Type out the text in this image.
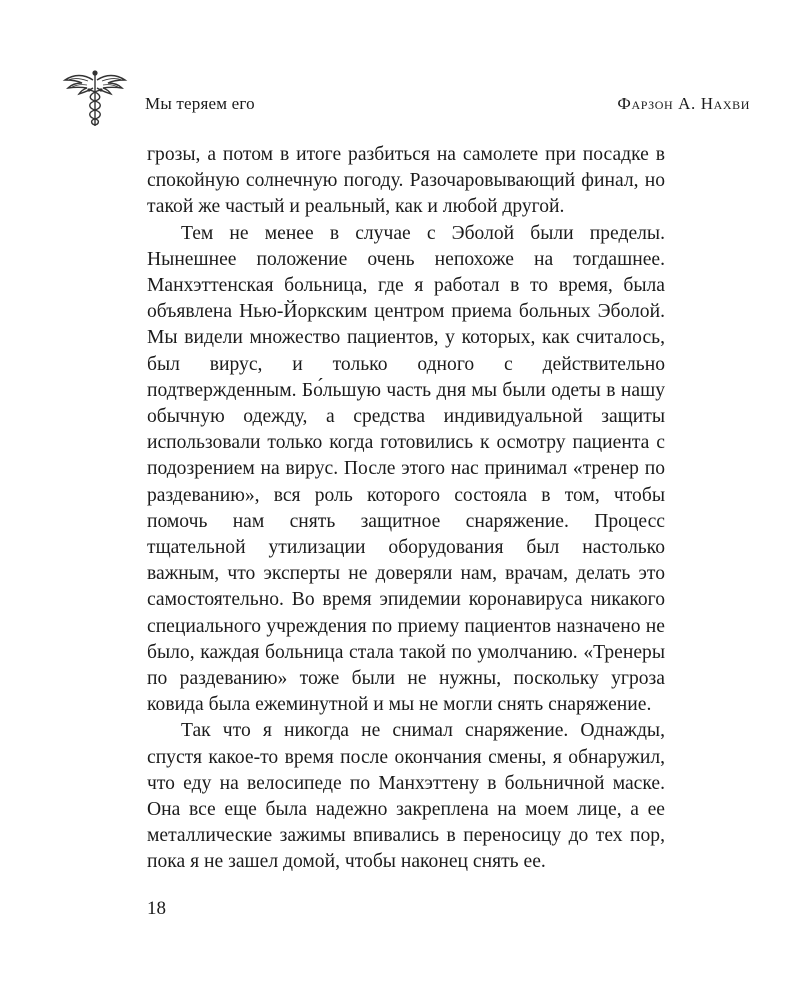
Мы теряем его	Фарзон А. Нахви

грозы, а потом в итоге разбиться на самолете при посадке в спокойную солнечную погоду. Разочаровывающий финал, но такой же частый и реальный, как и любой другой.

Тем не менее в случае с Эболой были пределы. Нынешнее положение очень непохоже на тогдашнее. Манхэттенская больница, где я работал в то время, была объявлена Нью-Йоркским центром приема больных Эболой. Мы видели множество пациентов, у которых, как считалось, был вирус, и только одного с действительно подтвержденным. Бо́льшую часть дня мы были одеты в нашу обычную одежду, а средства индивидуальной защиты использовали только когда готовились к осмотру пациента с подозрением на вирус. После этого нас принимал «тренер по раздеванию», вся роль которого состояла в том, чтобы помочь нам снять защитное снаряжение. Процесс тщательной утилизации оборудования был настолько важным, что эксперты не доверяли нам, врачам, делать это самостоятельно. Во время эпидемии коронавируса никакого специального учреждения по приему пациентов назначено не было, каждая больница стала такой по умолчанию. «Тренеры по раздеванию» тоже были не нужны, поскольку угроза ковида была ежеминутной и мы не могли снять снаряжение.

Так что я никогда не снимал снаряжение. Однажды, спустя какое-то время после окончания смены, я обнаружил, что еду на велосипеде по Манхэттену в больничной маске. Она все еще была надежно закреплена на моем лице, а ее металлические зажимы впивались в переносицу до тех пор, пока я не зашел домой, чтобы наконец снять ее.

18
